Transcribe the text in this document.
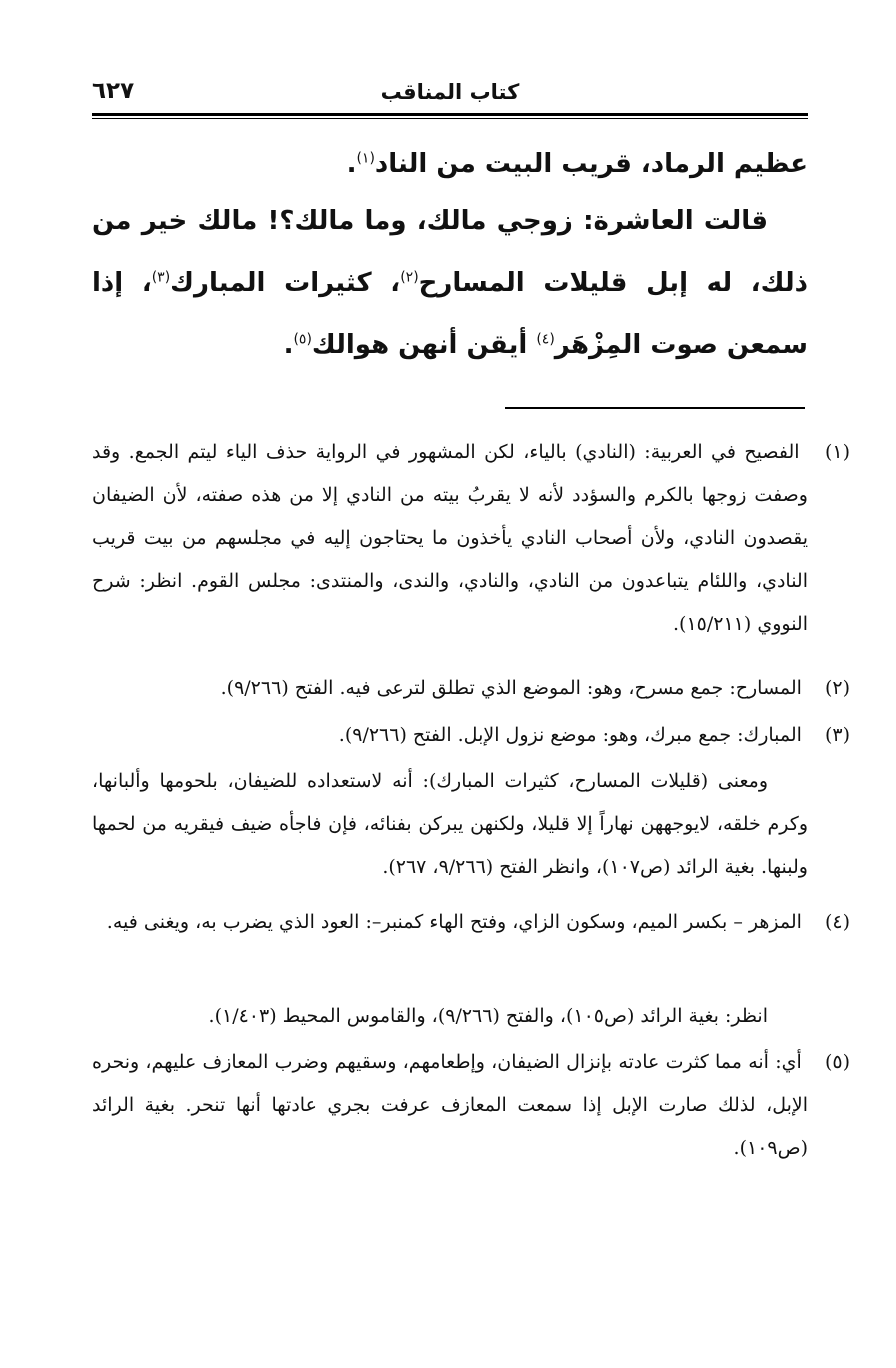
كتاب المناقب
٦٢٧
عظيم الرماد، قريب البيت من الناد$^{(١)}$.
قالت العاشرة: زوجي مالك، وما مالك؟! مالك خير من ذلك، له إبل قليلات المسارح$^{(٢)}$، كثيرات المبارك$^{(٣)}$، إذا سمعن صوت المِزْهَر$^{(٤)}$ أيقن أنهن هوالك$^{(٥)}$.
(١) الفصيح في العربية: (النادي) بالياء، لكن المشهور في الرواية حذف الياء ليتم الجمع. وقد وصفت زوجها بالكرم والسؤدد لأنه لا يقربُ بيته من النادي إلا من هذه صفته، لأن الضيفان يقصدون النادي، ولأن أصحاب النادي يأخذون ما يحتاجون إليه في مجلسهم من بيت قريب النادي، واللئام يتباعدون من النادي، والنادي، والندى، والمنتدى: مجلس القوم. انظر: شرح النووي (١٥/٢١١).
(٢) المسارح: جمع مسرح، وهو: الموضع الذي تطلق لترعى فيه. الفتح (٩/٢٦٦).
(٣) المبارك: جمع مبرك، وهو: موضع نزول الإبل. الفتح (٩/٢٦٦).
ومعنى (قليلات المسارح، كثيرات المبارك): أنه لاستعداده للضيفان، بلحومها وألبانها، وكرم خلقه، لايوجههن نهاراً إلا قليلا، ولكنهن يبركن بفنائه، فإن فاجأه ضيف فيقريه من لحمها ولبنها. بغية الرائد (ص١٠٧)، وانظر الفتح (٩/٢٦٦، ٢٦٧).
(٤) المزهر – بكسر الميم، وسكون الزاي، وفتح الهاء كمنبر–: العود الذي يضرب به، ويغنى فيه.
انظر: بغية الرائد (ص١٠٥)، والفتح (٩/٢٦٦)، والقاموس المحيط (١/٤٠٣).
(٥) أي: أنه مما كثرت عادته بإنزال الضيفان، وإطعامهم، وسقيهم وضرب المعازف عليهم، ونحره الإبل، لذلك صارت الإبل إذا سمعت المعازف عرفت بجري عادتها أنها تنحر. بغية الرائد (ص١٠٩).
